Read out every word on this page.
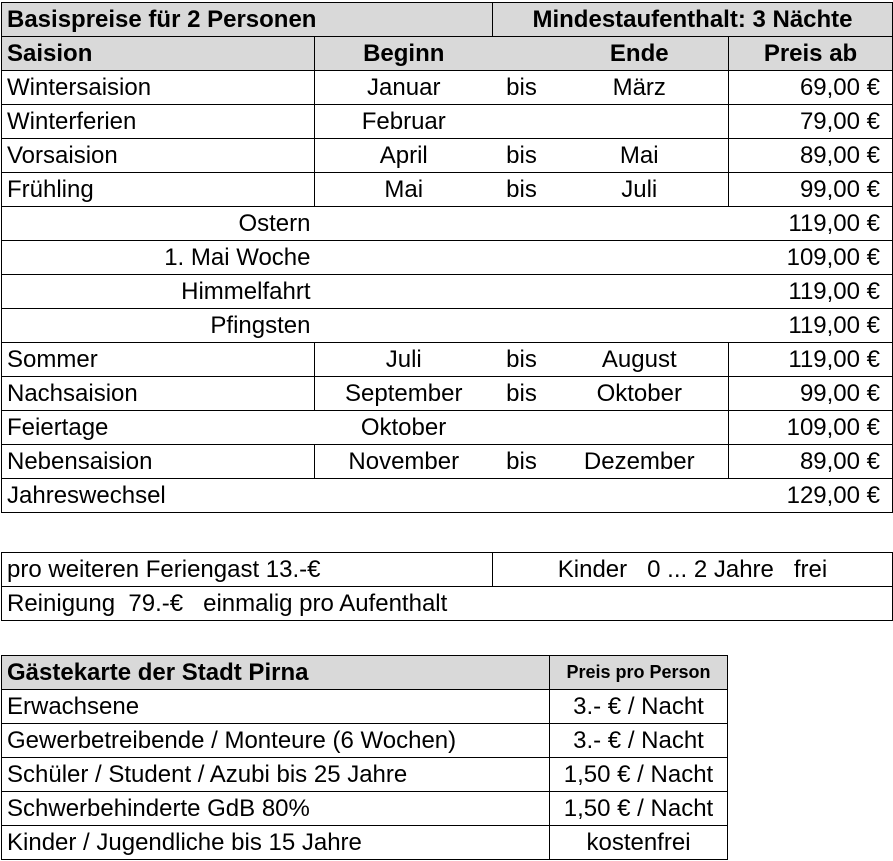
Basispreise für 2 Personen		Mindestaufenthalt: 3 Nächte		
Saision	Beginn		Ende	Preis ab
Wintersaision	Januar	bis	März	69,00 €
Winterferien	Februar			79,00 €
Vorsaision	April	bis	Mai	89,00 €
Frühling	Mai	bis	Juli	99,00 €
Ostern				119,00 €
1. Mai Woche				109,00 €
Himmelfahrt				119,00 €
Pfingsten				119,00 €
Sommer	Juli	bis	August	119,00 €
Nachsaision	September	bis	Oktober	99,00 €
Feiertage	Oktober			109,00 €
Nebensaision	November	bis	Dezember	89,00 €
Jahreswechsel				129,00 €
pro weiteren Feriengast 13.-€	Kinder   0 ... 2 Jahre   frei
Reinigung  79.-€   einmalig pro Aufenthalt
Gästekarte der Stadt Pirna	Preis pro Person
Erwachsene	3.- € / Nacht
Gewerbetreibende / Monteure (6 Wochen)	3.- € / Nacht
Schüler / Student / Azubi bis 25 Jahre	1,50 € / Nacht
Schwerbehinderte GdB 80%	1,50 € / Nacht
Kinder / Jugendliche bis 15 Jahre	kostenfrei
